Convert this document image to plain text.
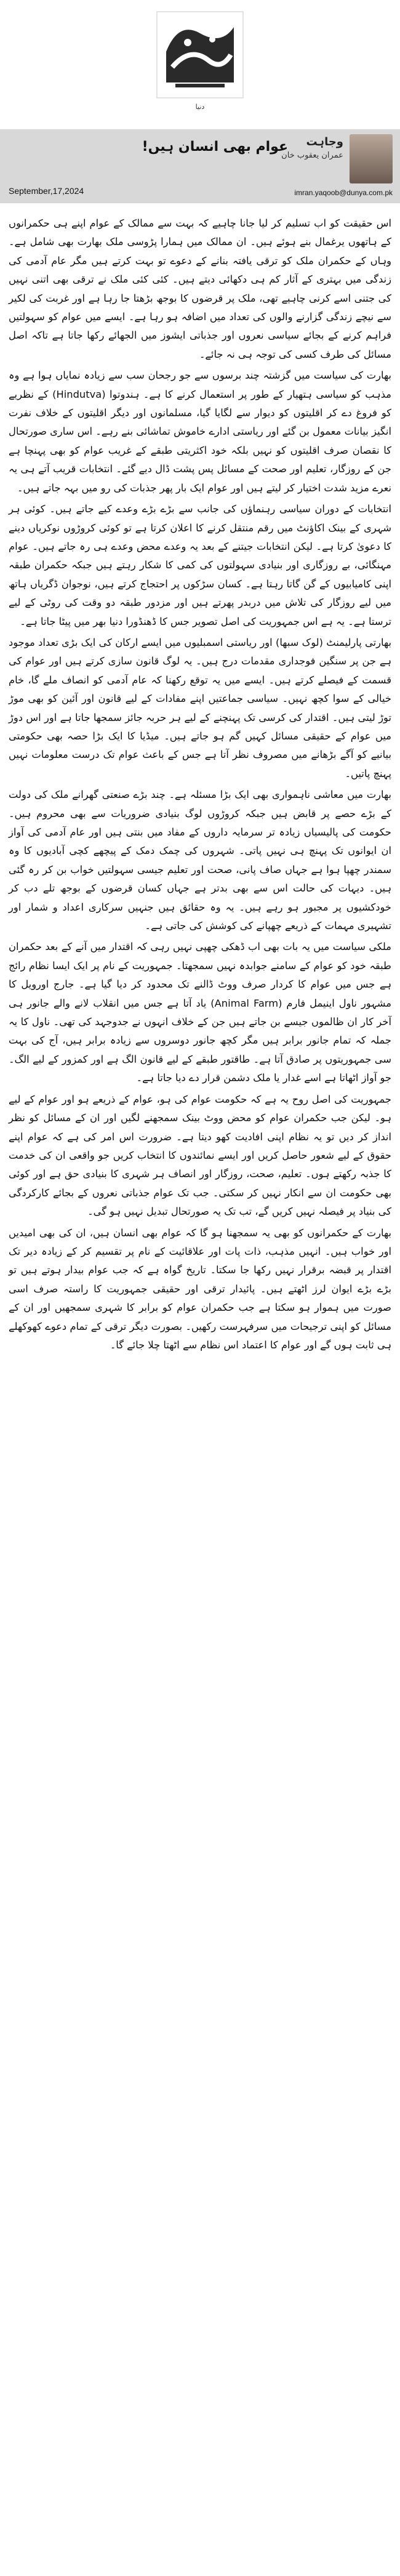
دنیا
وجاہت
عمران یعقوب خان
عوام بھی انسان ہیں!
September,17,2024	imran.yaqoob@dunya.com.pk

اس حقیقت کو اب تسلیم کر لیا جانا چاہیے کہ بہت سے ممالک کے عوام اپنے ہی حکمرانوں کے ہاتھوں یرغمال بنے ہوئے ہیں۔ ان ممالک میں ہمارا پڑوسی ملک بھارت بھی شامل ہے۔ وہاں کے حکمران ملک کو ترقی یافتہ بنانے کے دعوے تو بہت کرتے ہیں مگر عام آدمی کی زندگی میں بہتری کے آثار کم ہی دکھائی دیتے ہیں۔ کئی کئی ملک نے ترقی بھی اتنی نہیں کی جتنی اسے کرنی چاہیے تھی، ملک پر قرضوں کا بوجھ بڑھتا جا رہا ہے اور غربت کی لکیر سے نیچے زندگی گزارنے والوں کی تعداد میں اضافہ ہو رہا ہے۔ ایسے میں عوام کو سہولتیں فراہم کرنے کے بجائے سیاسی نعروں اور جذباتی ایشوز میں الجھائے رکھا جاتا ہے تاکہ اصل مسائل کی طرف کسی کی توجہ ہی نہ جائے۔

بھارت کی سیاست میں گزشتہ چند برسوں سے جو رجحان سب سے زیادہ نمایاں ہوا ہے وہ مذہب کو سیاسی ہتھیار کے طور پر استعمال کرنے کا ہے۔ ہندوتوا (Hindutva) کے نظریے کو فروغ دے کر اقلیتوں کو دیوار سے لگایا گیا، مسلمانوں اور دیگر اقلیتوں کے خلاف نفرت انگیز بیانات معمول بن گئے اور ریاستی ادارے خاموش تماشائی بنے رہے۔ اس ساری صورتحال کا نقصان صرف اقلیتوں کو نہیں بلکہ خود اکثریتی طبقے کے غریب عوام کو بھی پہنچا ہے جن کے روزگار، تعلیم اور صحت کے مسائل پس پشت ڈال دیے گئے۔ انتخابات قریب آتے ہی یہ نعرے مزید شدت اختیار کر لیتے ہیں اور عوام ایک بار پھر جذبات کی رو میں بہہ جاتے ہیں۔

انتخابات کے دوران سیاسی رہنماؤں کی جانب سے بڑے بڑے وعدے کیے جاتے ہیں۔ کوئی ہر شہری کے بینک اکاؤنٹ میں رقم منتقل کرنے کا اعلان کرتا ہے تو کوئی کروڑوں نوکریاں دینے کا دعویٰ کرتا ہے۔ لیکن انتخابات جیتنے کے بعد یہ وعدے محض وعدے ہی رہ جاتے ہیں۔ عوام مہنگائی، بے روزگاری اور بنیادی سہولتوں کی کمی کا شکار رہتے ہیں جبکہ حکمران طبقہ اپنی کامیابیوں کے گن گاتا رہتا ہے۔ کسان سڑکوں پر احتجاج کرتے ہیں، نوجوان ڈگریاں ہاتھ میں لیے روزگار کی تلاش میں دربدر پھرتے ہیں اور مزدور طبقہ دو وقت کی روٹی کے لیے ترستا ہے۔ یہ ہے اس جمہوریت کی اصل تصویر جس کا ڈھنڈورا دنیا بھر میں پیٹا جاتا ہے۔

بھارتی پارلیمنٹ (لوک سبھا) اور ریاستی اسمبلیوں میں ایسے ارکان کی ایک بڑی تعداد موجود ہے جن پر سنگین فوجداری مقدمات درج ہیں۔ یہ لوگ قانون سازی کرتے ہیں اور عوام کی قسمت کے فیصلے کرتے ہیں۔ ایسے میں یہ توقع رکھنا کہ عام آدمی کو انصاف ملے گا، خام خیالی کے سوا کچھ نہیں۔ سیاسی جماعتیں اپنے مفادات کے لیے قانون اور آئین کو بھی موڑ توڑ لیتی ہیں۔ اقتدار کی کرسی تک پہنچنے کے لیے ہر حربہ جائز سمجھا جاتا ہے اور اس دوڑ میں عوام کے حقیقی مسائل کہیں گم ہو جاتے ہیں۔ میڈیا کا ایک بڑا حصہ بھی حکومتی بیانیے کو آگے بڑھانے میں مصروف نظر آتا ہے جس کے باعث عوام تک درست معلومات نہیں پہنچ پاتیں۔

بھارت میں معاشی ناہمواری بھی ایک بڑا مسئلہ ہے۔ چند بڑے صنعتی گھرانے ملک کی دولت کے بڑے حصے پر قابض ہیں جبکہ کروڑوں لوگ بنیادی ضروریات سے بھی محروم ہیں۔ حکومت کی پالیسیاں زیادہ تر سرمایہ داروں کے مفاد میں بنتی ہیں اور عام آدمی کی آواز ان ایوانوں تک پہنچ ہی نہیں پاتی۔ شہروں کی چمک دمک کے پیچھے کچی آبادیوں کا وہ سمندر چھپا ہوا ہے جہاں صاف پانی، صحت اور تعلیم جیسی سہولتیں خواب بن کر رہ گئی ہیں۔ دیہات کی حالت اس سے بھی بدتر ہے جہاں کسان قرضوں کے بوجھ تلے دب کر خودکشیوں پر مجبور ہو رہے ہیں۔ یہ وہ حقائق ہیں جنہیں سرکاری اعداد و شمار اور تشہیری مہمات کے ذریعے چھپانے کی کوشش کی جاتی ہے۔

ملکی سیاست میں یہ بات بھی اب ڈھکی چھپی نہیں رہی کہ اقتدار میں آنے کے بعد حکمران طبقہ خود کو عوام کے سامنے جوابدہ نہیں سمجھتا۔ جمہوریت کے نام پر ایک ایسا نظام رائج ہے جس میں عوام کا کردار صرف ووٹ ڈالنے تک محدود کر دیا گیا ہے۔ جارج اورویل کا مشہور ناول اینیمل فارم (Animal Farm) یاد آتا ہے جس میں انقلاب لانے والے جانور ہی آخر کار ان ظالموں جیسے بن جاتے ہیں جن کے خلاف انہوں نے جدوجہد کی تھی۔ ناول کا یہ جملہ کہ تمام جانور برابر ہیں مگر کچھ جانور دوسروں سے زیادہ برابر ہیں، آج کی بہت سی جمہوریتوں پر صادق آتا ہے۔ طاقتور طبقے کے لیے قانون الگ ہے اور کمزور کے لیے الگ۔ جو آواز اٹھاتا ہے اسے غدار یا ملک دشمن قرار دے دیا جاتا ہے۔

جمہوریت کی اصل روح یہ ہے کہ حکومت عوام کی ہو، عوام کے ذریعے ہو اور عوام کے لیے ہو۔ لیکن جب حکمران عوام کو محض ووٹ بینک سمجھنے لگیں اور ان کے مسائل کو نظر انداز کر دیں تو یہ نظام اپنی افادیت کھو دیتا ہے۔ ضرورت اس امر کی ہے کہ عوام اپنے حقوق کے لیے شعور حاصل کریں اور ایسے نمائندوں کا انتخاب کریں جو واقعی ان کی خدمت کا جذبہ رکھتے ہوں۔ تعلیم، صحت، روزگار اور انصاف ہر شہری کا بنیادی حق ہے اور کوئی بھی حکومت ان سے انکار نہیں کر سکتی۔ جب تک عوام جذباتی نعروں کے بجائے کارکردگی کی بنیاد پر فیصلہ نہیں کریں گے، تب تک یہ صورتحال تبدیل نہیں ہو گی۔

بھارت کے حکمرانوں کو بھی یہ سمجھنا ہو گا کہ عوام بھی انسان ہیں، ان کی بھی امیدیں اور خواب ہیں۔ انہیں مذہب، ذات پات اور علاقائیت کے نام پر تقسیم کر کے زیادہ دیر تک اقتدار پر قبضہ برقرار نہیں رکھا جا سکتا۔ تاریخ گواہ ہے کہ جب عوام بیدار ہوتے ہیں تو بڑے بڑے ایوان لرز اٹھتے ہیں۔ پائیدار ترقی اور حقیقی جمہوریت کا راستہ صرف اسی صورت میں ہموار ہو سکتا ہے جب حکمران عوام کو برابر کا شہری سمجھیں اور ان کے مسائل کو اپنی ترجیحات میں سرفہرست رکھیں۔ بصورت دیگر ترقی کے تمام دعوے کھوکھلے ہی ثابت ہوں گے اور عوام کا اعتماد اس نظام سے اٹھتا چلا جائے گا۔
